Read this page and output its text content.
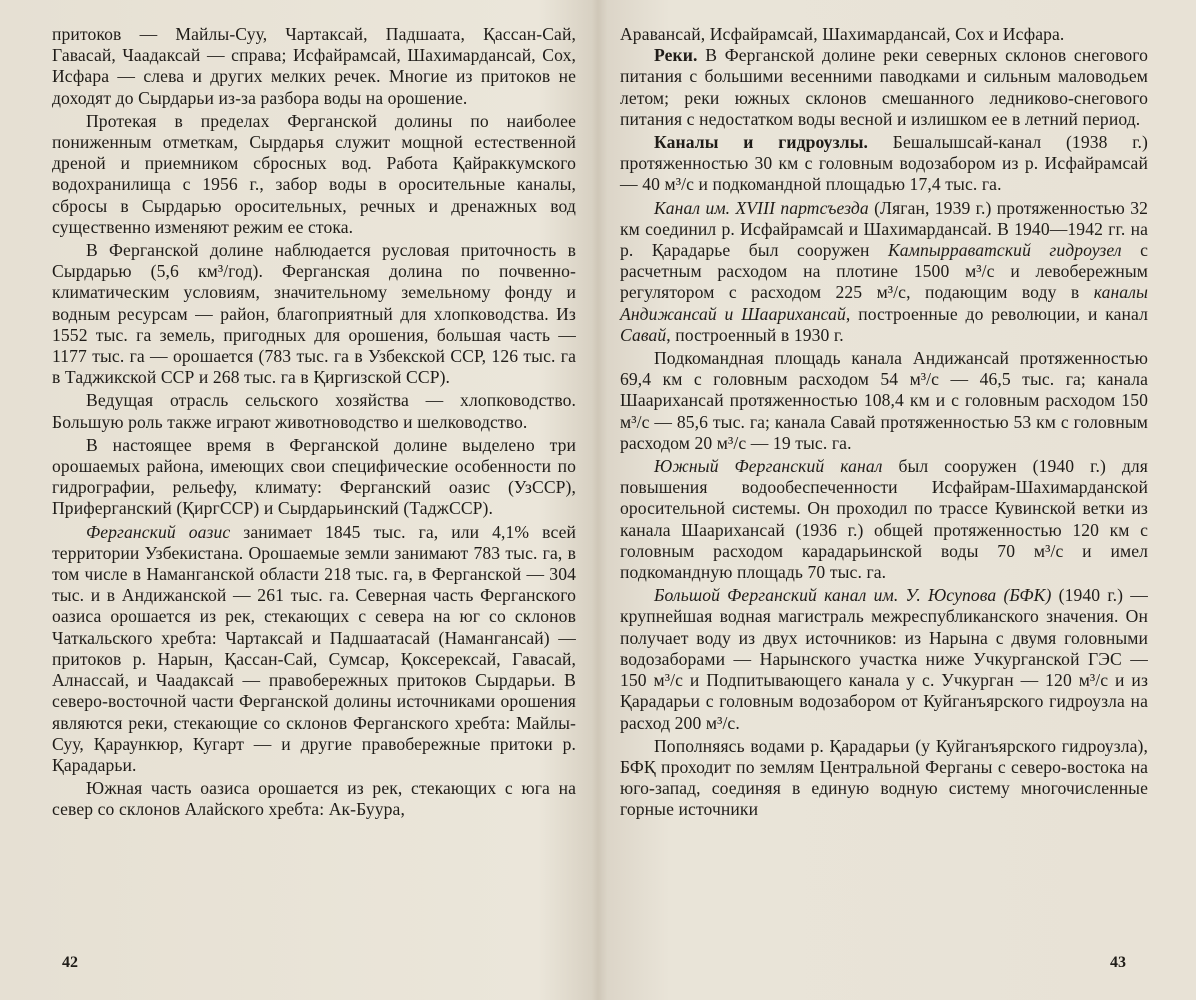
притоков — Майлы-Суу, Чартаксай, Падшаата, Қассан-Сай, Гавасай, Чаадаксай — справа; Исфайрамсай, Шахимардансай, Сох, Исфара — слева и других мелких речек. Многие из притоков не доходят до Сырдарьи из-за разбора воды на орошение.

Протекая в пределах Ферганской долины по наиболее пониженным отметкам, Сырдарья служит мощной естественной дреной и приемником сбросных вод. Работа Қайраккумского водохранилища с 1956 г., забор воды в оросительные каналы, сбросы в Сырдарью оросительных, речных и дренажных вод существенно изменяют режим ее стока.

В Ферганской долине наблюдается русловая приточность в Сырдарью (5,6 км³/год). Ферганская долина по почвенно-климатическим условиям, значительному земельному фонду и водным ресурсам — район, благоприятный для хлопководства. Из 1552 тыс. га земель, пригодных для орошения, большая часть — 1177 тыс. га — орошается (783 тыс. га в Узбекской ССР, 126 тыс. га в Таджикской ССР и 268 тыс. га в Қиргизской ССР).

Ведущая отрасль сельского хозяйства — хлопководство. Большую роль также играют животноводство и шелководство.

В настоящее время в Ферганской долине выделено три орошаемых района, имеющих свои специфические особенности по гидрографии, рельефу, климату: Ферганский оазис (УзССР), Приферганский (ҚиргССР) и Сырдарьинский (ТаджССР).

Ферганский оазис занимает 1845 тыс. га, или 4,1% всей территории Узбекистана. Орошаемые земли занимают 783 тыс. га, в том числе в Наманганской области 218 тыс. га, в Ферганской — 304 тыс. и в Андижанской — 261 тыс. га. Северная часть Ферганского оазиса орошается из рек, стекающих с севера на юг со склонов Чаткальского хребта: Чартаксай и Падшаатасай (Наманганcай) — притоков р. Нарын, Қассан-Сай, Сумсар, Қоксерексай, Гавасай, Алнассай, и Чаадаксай — правобережных притоков Сырдарьи. В северо-восточной части Ферганской долины источниками орошения являются реки, стекающие со склонов Ферганского хребта: Майлы-Суу, Қараункюр, Кугарт — и другие правобережные притоки р. Қарадарьи.

Южная часть оазиса орошается из рек, стекающих с юга на север со склонов Алайского хребта: Ак-Буура,

42

Аравансай, Исфайрамсай, Шахимардансай, Сох и Исфара.

Реки. В Ферганской долине реки северных склонов снегового питания с большими весенними паводками и сильным маловодьем летом; реки южных склонов смешанного ледниково-снегового питания с недостатком воды весной и излишком ее в летний период.

Каналы и гидроузлы. Бешалышсай-канал (1938 г.) протяженностью 30 км с головным водозабором из р. Исфайрамсай — 40 м³/с и подкомандной площадью 17,4 тыс. га.

Канал им. XVIII партсъезда (Ляган, 1939 г.) протяженностью 32 км соединил р. Исфайрамсай и Шахимардансай. В 1940—1942 гг. на р. Қарадарье был сооружен Кампырраватский гидроузел с расчетным расходом на плотине 1500 м³/с и левобережным регулятором с расходом 225 м³/с, подающим воду в каналы Андижансай и Шаарихансай, построенные до революции, и канал Савай, построенный в 1930 г.

Подкомандная площадь канала Андижансай протяженностью 69,4 км с головным расходом 54 м³/с — 46,5 тыс. га; канала Шаарихансай протяженностью 108,4 км и с головным расходом 150 м³/с — 85,6 тыс. га; канала Савай протяженностью 53 км с головным расходом 20 м³/с — 19 тыс. га.

Южный Ферганский канал был сооружен (1940 г.) для повышения водообеспеченности Исфайрам-Шахимарданской оросительной системы. Он проходил по трассе Кувинской ветки из канала Шаарихансай (1936 г.) общей протяженностью 120 км с головным расходом карадарьинской воды 70 м³/с и имел подкомандную площадь 70 тыс. га.

Большой Ферганский канал им. У. Юсупова (БФК) (1940 г.) — крупнейшая водная магистраль межреспубликанского значения. Он получает воду из двух источников: из Нарына с двумя головными водозаборами — Нарынского участка ниже Учкурганской ГЭС — 150 м³/с и Подпитывающего канала у с. Учкурган — 120 м³/с и из Қарадарьи с головным водозабором от Куйганъярского гидроузла на расход 200 м³/с.

Пополняясь водами р. Қарадарьи (у Куйганъярского гидроузла), БФҚ проходит по землям Центральной Ферганы с северо-востока на юго-запад, соединяя в единую водную систему многочисленные горные источники

43
